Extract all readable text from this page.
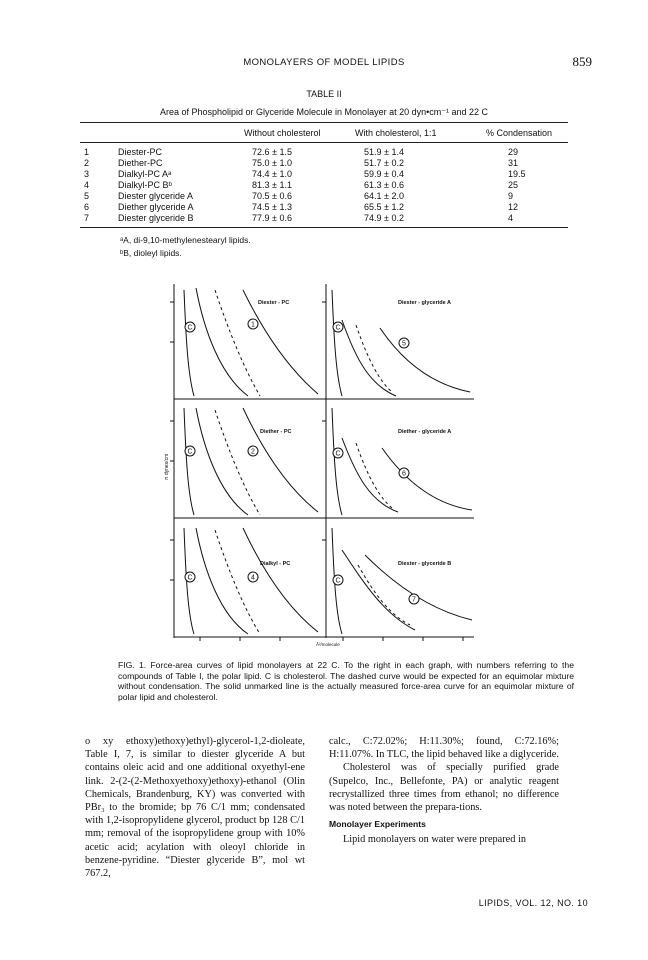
MONOLAYERS OF MODEL LIPIDS	859
TABLE II
Area of Phospholipid or Glyceride Molecule in Monolayer at 20 dyn•cm⁻¹ and 22 C
Without cholesterol	With cholesterol, 1:1	% Condensation
1	Diester-PC	72.6 ± 1.5	51.9 ± 1.4	29
2	Diether-PC	75.0 ± 1.0	51.7 ± 0.2	31
3	Dialkyl-PC Aᵃ	74.4 ± 1.0	59.9 ± 0.4	19.5
4	Dialkyl-PC Bᵇ	81.3 ± 1.1	61.3 ± 0.6	25
5	Diester glyceride A	70.5 ± 0.6	64.1 ± 2.0	9
6	Diether glyceride A	74.5 ± 1.3	65.5 ± 1.2	12
7	Diester glyceride B	77.9 ± 0.6	74.9 ± 0.2	4
ᵃA, di-9,10-methylenestearyl lipids.
ᵇB, dioleyl lipids.
C	1	C
5
C	2	C
6
C	4	C
7
Diester - PC	Diester - glyceride A
Diether - PC	Diether - glyceride A
Dialkyl - PC	Diester - glyceride B
π dynes/cm
Å²/molecule
FIG. 1. Force-area curves of lipid monolayers at 22 C. To the right in each graph, with numbers referring to the compounds of Table I, the polar lipid. C is cholesterol. The dashed curve would be expected for an equimolar mixture without condensation. The solid unmarked line is the actually measured force-area curve for an equimolar mixture of polar lipid and cholesterol.

o xy ethoxy)ethoxy)ethyl)-glycerol-1,2-dioleate, Table I, 7, is similar to diester glyceride A but contains oleic acid and one additional oxyethyl-ene link. 2-(2-(2-Methoxyethoxy)ethoxy)-ethanol (Olin Chemicals, Brandenburg, KY) was converted with PBr₃ to the bromide; bp 76 C/1 mm; condensated with 1,2-isopropylidene glycerol, product bp 128 C/1 mm; removal of the isopropylidene group with 10% acetic acid; acylation with oleoyl chloride in benzene-pyridine. “Diester glyceride B”, mol wt 767.2,

calc., C:72.02%; H:11.30%; found, C:72.16%; H:11.07%. In TLC, the lipid behaved like a diglyceride.

Cholesterol was of specially purified grade (Supelco, Inc., Bellefonte, PA) or analytic reagent recrystallized three times from ethanol; no difference was noted between the prepara-tions.

Monolayer Experiments

Lipid monolayers on water were prepared in

LIPIDS, VOL. 12, NO. 10
